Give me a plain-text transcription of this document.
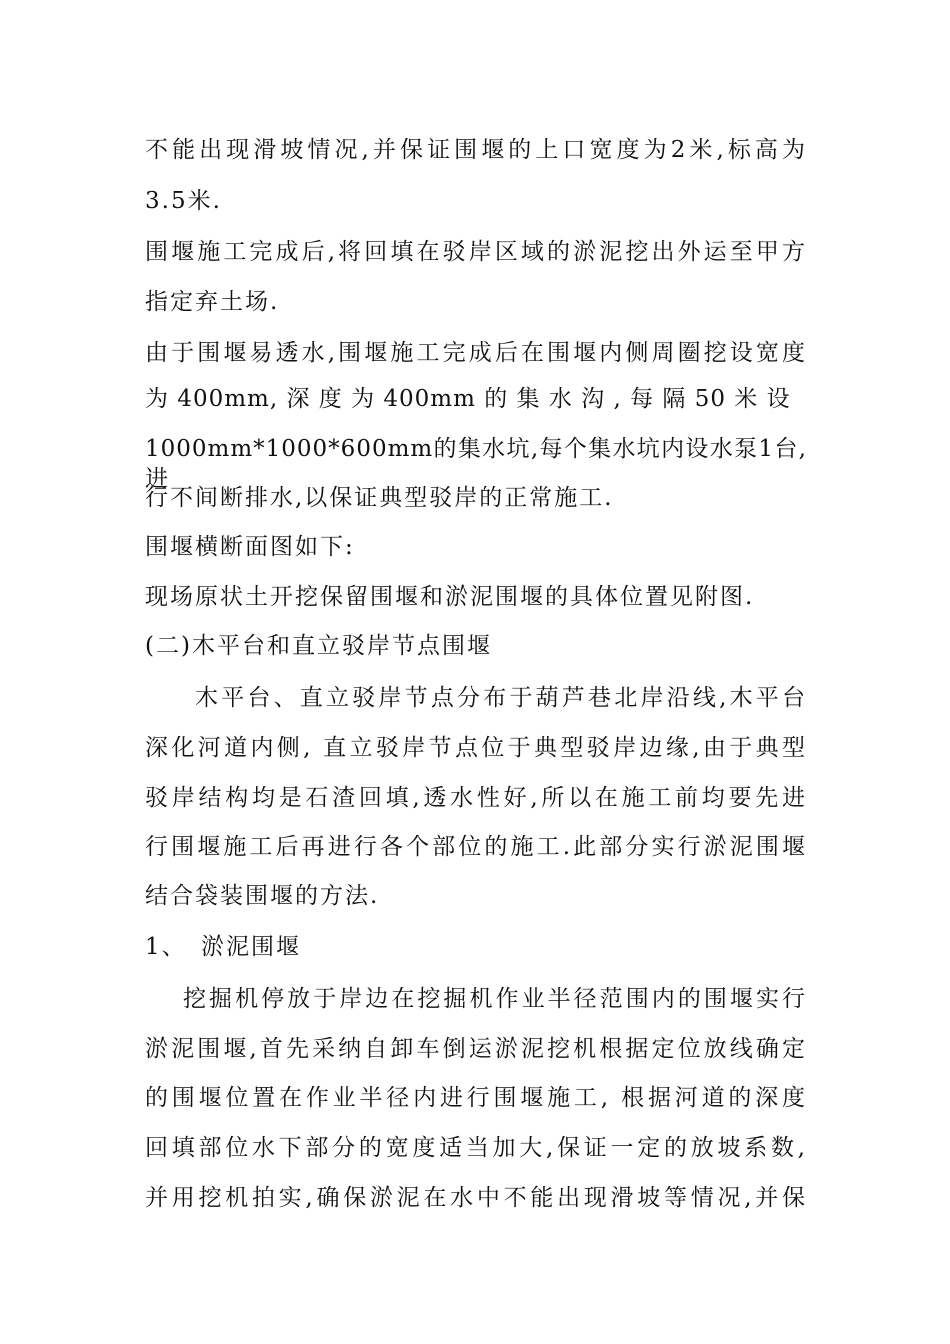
不能出现滑坡情况,并保证围堰的上口宽度为2米,标高为

3.5米.

围堰施工完成后,将回填在驳岸区域的淤泥挖出外运至甲方

指定弃土场.

由于围堰易透水,围堰施工完成后在围堰内侧周圈挖设宽度

为 400mm, 深 度 为 400mm 的 集 水 沟 , 每 隔 50 米 设

1000mm*1000*600mm的集水坑,每个集水坑内设水泵1台,进

行不间断排水,以保证典型驳岸的正常施工.

围堰横断面图如下:

现场原状土开挖保留围堰和淤泥围堰的具体位置见附图.

(二)木平台和直立驳岸节点围堰

木平台、直立驳岸节点分布于葫芦巷北岸沿线,木平台

深化河道内侧, 直立驳岸节点位于典型驳岸边缘,由于典型

驳岸结构均是石渣回填,透水性好,所以在施工前均要先进

行围堰施工后再进行各个部位的施工.此部分实行淤泥围堰

结合袋装围堰的方法.

1、 淤泥围堰

挖掘机停放于岸边在挖掘机作业半径范围内的围堰实行

淤泥围堰,首先采纳自卸车倒运淤泥挖机根据定位放线确定

的围堰位置在作业半径内进行围堰施工, 根据河道的深度

回填部位水下部分的宽度适当加大,保证一定的放坡系数,

并用挖机拍实,确保淤泥在水中不能出现滑坡等情况,并保
